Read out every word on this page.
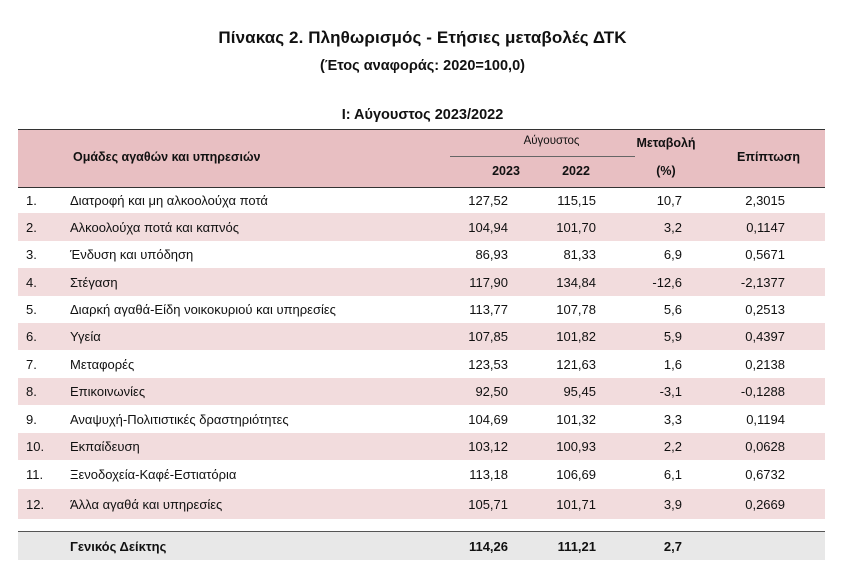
Πίνακας 2. Πληθωρισμός - Ετήσιες μεταβολές ΔΤΚ
(Έτος αναφοράς: 2020=100,0)
Ι: Αύγουστος 2023/2022
Ομάδες αγαθών και υπηρεσιών
Αύγουστος
2023	2022
Μεταβολή
(%)
Επίπτωση
1.	Διατροφή και μη αλκοολούχα ποτά	127,52	115,15	10,7	2,3015
2.	Αλκοολούχα ποτά και καπνός	104,94	101,70	3,2	0,1147
3.	Ένδυση και υπόδηση	86,93	81,33	6,9	0,5671
4.	Στέγαση	117,90	134,84	-12,6	-2,1377
5.	Διαρκή αγαθά-Είδη νοικοκυριού και υπηρεσίες	113,77	107,78	5,6	0,2513
6.	Υγεία	107,85	101,82	5,9	0,4397
7.	Μεταφορές	123,53	121,63	1,6	0,2138
8.	Επικοινωνίες	92,50	95,45	-3,1	-0,1288
9.	Αναψυχή-Πολιτιστικές δραστηριότητες	104,69	101,32	3,3	0,1194
10. Εκπαίδευση	103,12	100,93	2,2	0,0628
11. Ξενοδοχεία-Καφέ-Εστιατόρια	113,18	106,69	6,1	0,6732
12. Άλλα αγαθά και υπηρεσίες	105,71	101,71	3,9	0,2669
Γενικός Δείκτης	114,26	111,21	2,7
